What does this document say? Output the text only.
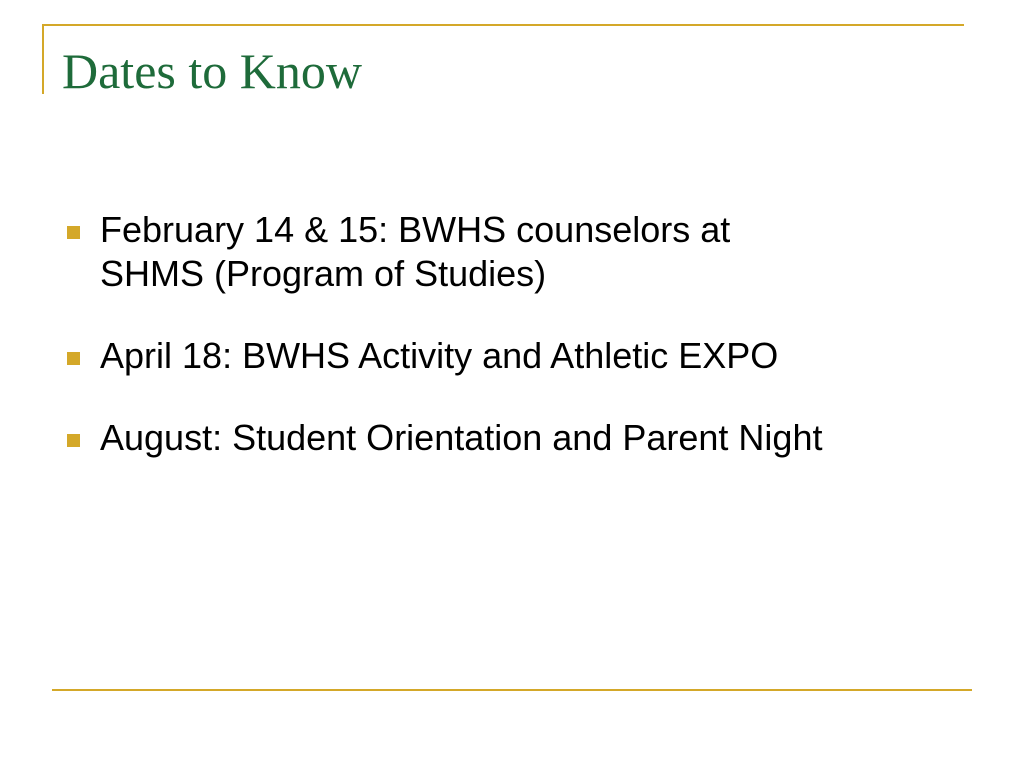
Dates to Know
February 14 & 15: BWHS counselors at
SHMS (Program of Studies)
April 18: BWHS Activity and Athletic EXPO
August: Student Orientation and Parent Night
